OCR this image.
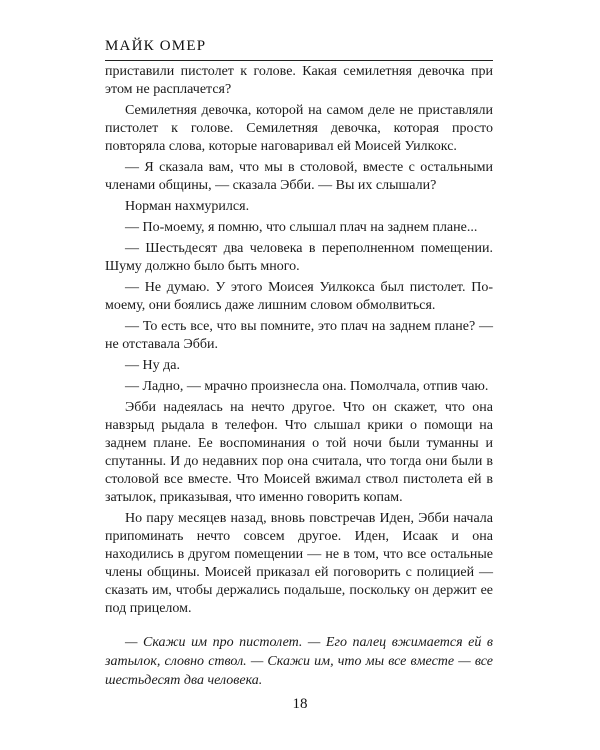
МАЙК ОМЕР

приставили пистолет к голове. Какая семилетняя девочка при этом не расплачется?

Семилетняя девочка, которой на самом деле не приставляли пистолет к голове. Семилетняя девочка, которая просто повторяла слова, которые наговаривал ей Моисей Уилкокс.

— Я сказала вам, что мы в столовой, вместе с остальными членами общины, — сказала Эбби. — Вы их слышали?

Норман нахмурился.

— По-моему, я помню, что слышал плач на заднем плане...

— Шестьдесят два человека в переполненном помещении. Шуму должно было быть много.

— Не думаю. У этого Моисея Уилкокса был пистолет. По-моему, они боялись даже лишним словом обмолвиться.

— То есть все, что вы помните, это плач на заднем плане? — не отставала Эбби.

— Ну да.

— Ладно, — мрачно произнесла она. Помолчала, отпив чаю.

Эбби надеялась на нечто другое. Что он скажет, что она навзрыд рыдала в телефон. Что слышал крики о помощи на заднем плане. Ее воспоминания о той ночи были туманны и спутанны. И до недавних пор она считала, что тогда они были в столовой все вместе. Что Моисей вжимал ствол пистолета ей в затылок, приказывая, что именно говорить копам.

Но пару месяцев назад, вновь повстречав Иден, Эбби начала припоминать нечто совсем другое. Иден, Исаак и она находились в другом помещении — не в том, что все остальные члены общины. Моисей приказал ей поговорить с полицией — сказать им, чтобы держались подальше, поскольку он держит ее под прицелом.

— Скажи им про пистолет. — Его палец вжимается ей в затылок, словно ствол. — Скажи им, что мы все вместе — все шестьдесят два человека.

18
